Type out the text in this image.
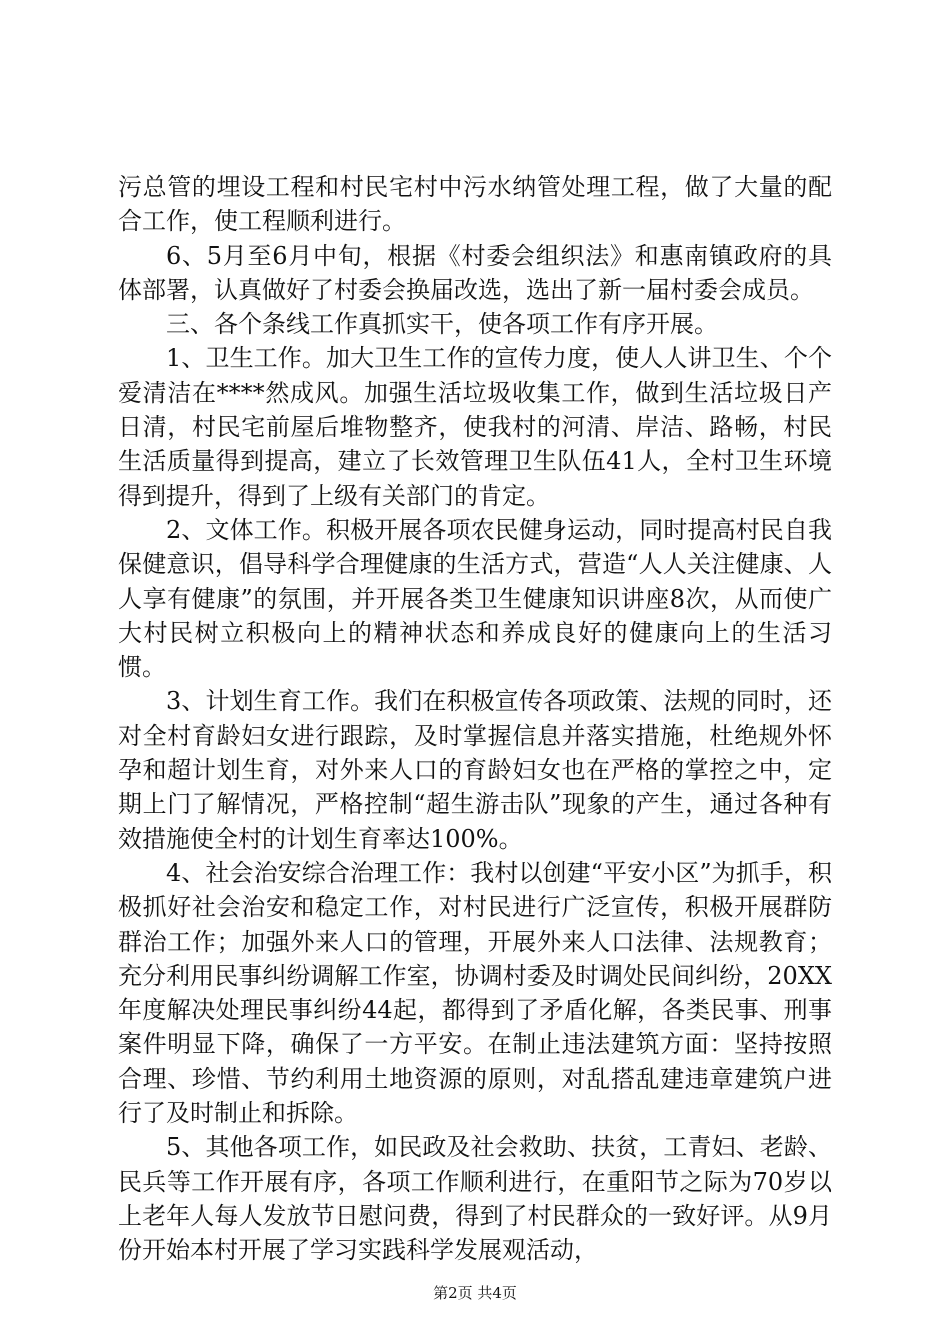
污总管的埋设工程和村民宅村中污水纳管处理工程，做了大量的配合工作，使工程顺利进行。

6、5月至6月中旬，根据《村委会组织法》和惠南镇政府的具体部署，认真做好了村委会换届改选，选出了新一届村委会成员。

三、各个条线工作真抓实干，使各项工作有序开展。

1、卫生工作。加大卫生工作的宣传力度，使人人讲卫生、个个爱清洁在****然成风。加强生活垃圾收集工作，做到生活垃圾日产日清，村民宅前屋后堆物整齐，使我村的河清、岸洁、路畅，村民生活质量得到提高，建立了长效管理卫生队伍41人，全村卫生环境得到提升，得到了上级有关部门的肯定。

2、文体工作。积极开展各项农民健身运动，同时提高村民自我保健意识，倡导科学合理健康的生活方式，营造“人人关注健康、人人享有健康”的氛围，并开展各类卫生健康知识讲座8次，从而使广大村民树立积极向上的精神状态和养成良好的健康向上的生活习惯。

3、计划生育工作。我们在积极宣传各项政策、法规的同时，还对全村育龄妇女进行跟踪，及时掌握信息并落实措施，杜绝规外怀孕和超计划生育，对外来人口的育龄妇女也在严格的掌控之中，定期上门了解情况，严格控制“超生游击队”现象的产生，通过各种有效措施使全村的计划生育率达100%。

4、社会治安综合治理工作：我村以创建“平安小区”为抓手，积极抓好社会治安和稳定工作，对村民进行广泛宣传，积极开展群防群治工作；加强外来人口的管理，开展外来人口法律、法规教育；充分利用民事纠纷调解工作室，协调村委及时调处民间纠纷，20XX年度解决处理民事纠纷44起，都得到了矛盾化解，各类民事、刑事案件明显下降，确保了一方平安。在制止违法建筑方面：坚持按照合理、珍惜、节约利用土地资源的原则，对乱搭乱建违章建筑户进行了及时制止和拆除。

5、其他各项工作，如民政及社会救助、扶贫，工青妇、老龄、民兵等工作开展有序，各项工作顺利进行，在重阳节之际为70岁以上老年人每人发放节日慰问费，得到了村民群众的一致好评。从9月份开始本村开展了学习实践科学发展观活动，

第2页 共4页
